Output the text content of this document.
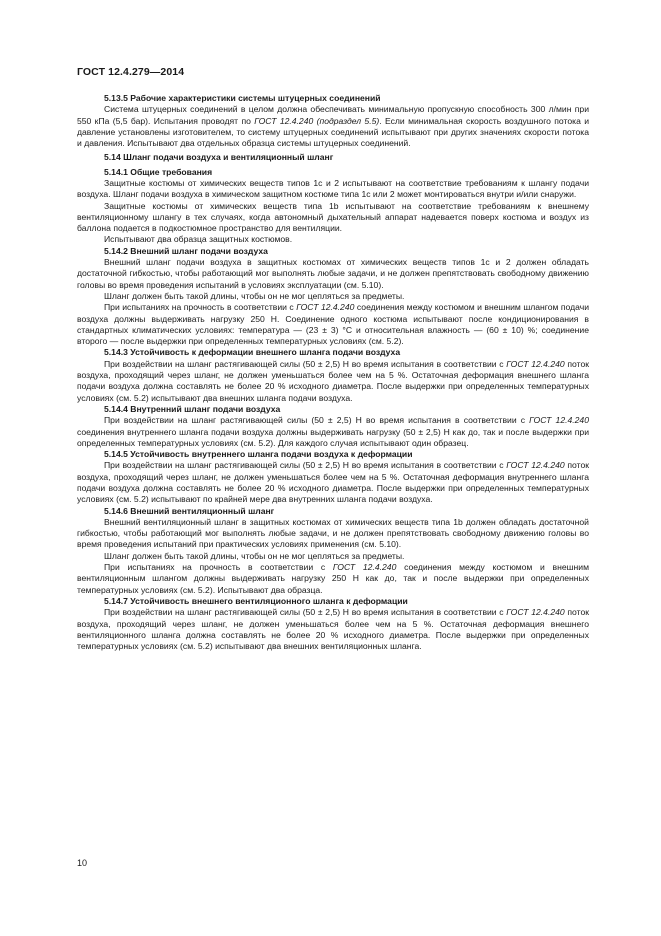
ГОСТ 12.4.279—2014
5.13.5 Рабочие характеристики системы штуцерных соединений

Система штуцерных соединений в целом должна обеспечивать минимальную пропускную способность 300 л/мин при 550 кПа (5,5 бар). Испытания проводят по ГОСТ 12.4.240 (подраздел 5.5). Если минимальная скорость воздушного потока и давление установлены изготовителем, то систему штуцерных соединений испытывают при других значениях скорости потока и давления. Испытывают два отдельных образца системы штуцерных соединений.

5.14 Шланг подачи воздуха и вентиляционный шланг
5.14.1 Общие требования

Защитные костюмы от химических веществ типов 1с и 2 испытывают на соответствие требованиям к шлангу подачи воздуха. Шланг подачи воздуха в химическом защитном костюме типа 1с или 2 может монтироваться внутри и/или снаружи.

Защитные костюмы от химических веществ типа 1b испытывают на соответствие требованиям к внешнему вентиляционному шлангу в тех случаях, когда автономный дыхательный аппарат надевается поверх костюма и воздух из баллона подается в подкостюмное пространство для вентиляции.

Испытывают два образца защитных костюмов.

5.14.2 Внешний шланг подачи воздуха

Внешний шланг подачи воздуха в защитных костюмах от химических веществ типов 1с и 2 должен обладать достаточной гибкостью, чтобы работающий мог выполнять любые задачи, и не должен препятствовать свободному движению головы во время проведения испытаний в условиях эксплуатации (см. 5.10).

Шланг должен быть такой длины, чтобы он не мог цепляться за предметы.

При испытаниях на прочность в соответствии с ГОСТ 12.4.240 соединения между костюмом и внешним шлангом подачи воздуха должны выдерживать нагрузку 250 Н. Соединение одного костюма испытывают после кондиционирования в стандартных климатических условиях: температура — (23 ± 3) °С и относительная влажность — (60 ± 10) %; соединение второго — после выдержки при определенных температурных условиях (см. 5.2).

5.14.3 Устойчивость к деформации внешнего шланга подачи воздуха

При воздействии на шланг растягивающей силы (50 ± 2,5) Н во время испытания в соответствии с ГОСТ 12.4.240 поток воздуха, проходящий через шланг, не должен уменьшаться более чем на 5 %. Остаточная деформация внешнего шланга подачи воздуха должна составлять не более 20 % исходного диаметра. После выдержки при определенных температурных условиях (см. 5.2) испытывают два внешних шланга подачи воздуха.

5.14.4 Внутренний шланг подачи воздуха

При воздействии на шланг растягивающей силы (50 ± 2,5) Н во время испытания в соответствии с ГОСТ 12.4.240 соединения внутреннего шланга подачи воздуха должны выдерживать нагрузку (50 ± 2,5) Н как до, так и после выдержки при определенных температурных условиях (см. 5.2). Для каждого случая испытывают один образец.

5.14.5 Устойчивость внутреннего шланга подачи воздуха к деформации

При воздействии на шланг растягивающей силы (50 ± 2,5) Н во время испытания в соответствии с ГОСТ 12.4.240 поток воздуха, проходящий через шланг, не должен уменьшаться более чем на 5 %. Остаточная деформация внутреннего шланга подачи воздуха должна составлять не более 20 % исходного диаметра. После выдержки при определенных температурных условиях (см. 5.2) испытывают по крайней мере два внутренних шланга подачи воздуха.

5.14.6 Внешний вентиляционный шланг

Внешний вентиляционный шланг в защитных костюмах от химических веществ типа 1b должен обладать достаточной гибкостью, чтобы работающий мог выполнять любые задачи, и не должен препятствовать свободному движению головы во время проведения испытаний при практических условиях применения (см. 5.10).

Шланг должен быть такой длины, чтобы он не мог цепляться за предметы.

При испытаниях на прочность в соответствии с ГОСТ 12.4.240 соединения между костюмом и внешним вентиляционным шлангом должны выдерживать нагрузку 250 Н как до, так и после выдержки при определенных температурных условиях (см. 5.2). Испытывают два образца.

5.14.7 Устойчивость внешнего вентиляционного шланга к деформации

При воздействии на шланг растягивающей силы (50 ± 2,5) Н во время испытания в соответствии с ГОСТ 12.4.240 поток воздуха, проходящий через шланг, не должен уменьшаться более чем на 5 %. Остаточная деформация внешнего вентиляционного шланга должна составлять не более 20 % исходного диаметра. После выдержки при определенных температурных условиях (см. 5.2) испытывают два внешних вентиляционных шланга.

10
